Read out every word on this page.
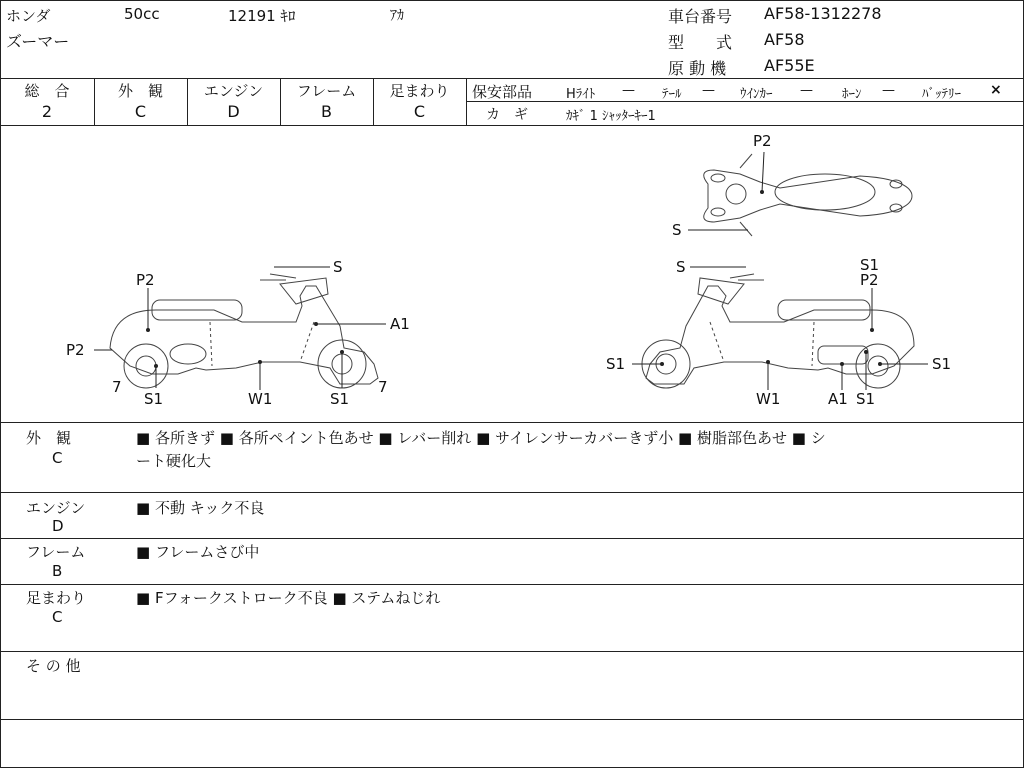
ホンダ	50cc	12191 ｷﾛ	ｱｶ
ズーマー
車台番号 AF58-1312278
型　　式 AF58
原 動 機 AF55E
総　合
2
外　観
C
エンジン
D
フレーム
B
足まわり
C
保安部品	Hﾗｲﾄ — ﾃｰﾙ — ｳｲﾝｶｰ — ﾎｰﾝ — ﾊﾞｯﾃﾘｰ ×
カ　ギ	ｶｷﾞ 1 ｼｬｯﾀｰｷｰ1
S
P2
A1
P2
7	7
S1	W1	S1
P2
S
S	S1
P2
S1	S1
W1	A1 S1
外　観
C
■ 各所きず ■ 各所ペイント色あせ ■ レバー削れ ■ サイレンサーカバーきず小 ■ 樹脂部色あせ ■ シ
ート硬化大
エンジン
D
■ 不動 キック不良
フレーム
B
■ フレームさび中
足まわり
C
■ Fフォークストローク不良 ■ ステムねじれ
そ の 他
